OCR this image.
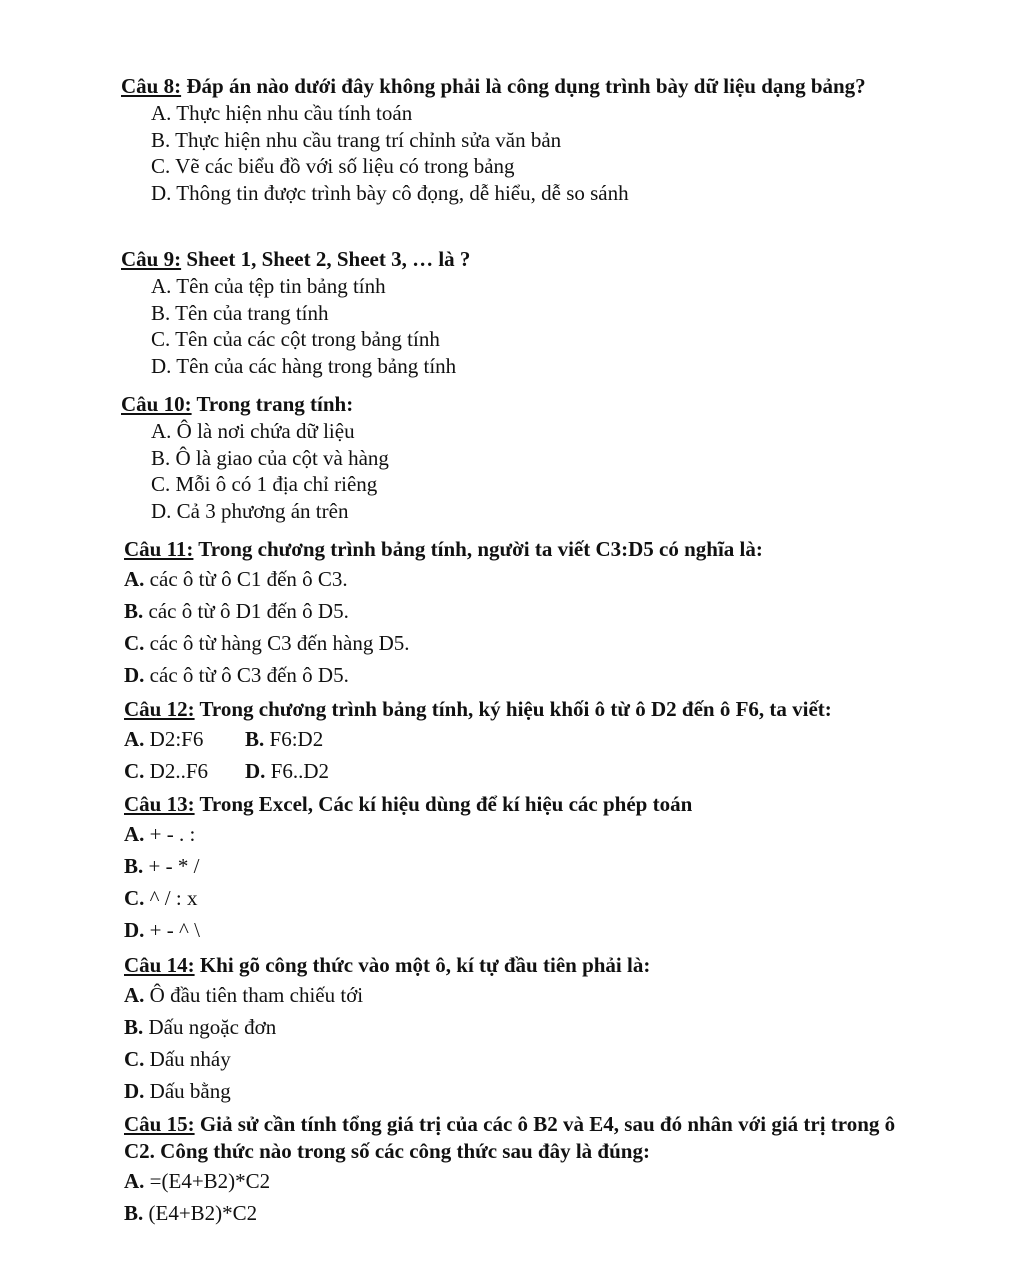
Câu 8: Đáp án nào dưới đây không phải là công dụng trình bày dữ liệu dạng bảng?

A. Thực hiện nhu cầu tính toán
B. Thực hiện nhu cầu trang trí chỉnh sửa văn bản
C. Vẽ các biểu đồ với số liệu có trong bảng
D. Thông tin được trình bày cô đọng, dễ hiểu, dễ so sánh

Câu 9: Sheet 1, Sheet 2, Sheet 3, … là ?

A. Tên của tệp tin bảng tính
B. Tên của trang tính
C. Tên của các cột trong bảng tính
D. Tên của các hàng trong bảng tính

Câu 10: Trong trang tính:

A. Ô là nơi chứa dữ liệu
B. Ô là giao của cột và hàng
C. Mỗi ô có 1 địa chỉ riêng
D. Cả 3 phương án trên

Câu 11: Trong chương trình bảng tính, người ta viết C3:D5 có nghĩa là:

A. các ô từ ô C1 đến ô C3.
B. các ô từ ô D1 đến ô D5.
C. các ô từ hàng C3 đến hàng D5.
D. các ô từ ô C3 đến ô D5.

Câu 12: Trong chương trình bảng tính, ký hiệu khối ô từ ô D2 đến ô F6, ta viết:

A. D2:F6 B. F6:D2
C. D2..F6 D. F6..D2

Câu 13: Trong Excel, Các kí hiệu dùng để kí hiệu các phép toán

A. + - . :
B. + - * /
C. ^ / : x
D. + - ^ \

Câu 14: Khi gõ công thức vào một ô, kí tự đầu tiên phải là:

A. Ô đầu tiên tham chiếu tới
B. Dấu ngoặc đơn
C. Dấu nháy
D. Dấu bằng

Câu 15: Giả sử cần tính tổng giá trị của các ô B2 và E4, sau đó nhân với giá trị trong ô C2. Công thức nào trong số các công thức sau đây là đúng:

A. =(E4+B2)*C2
B. (E4+B2)*C2
